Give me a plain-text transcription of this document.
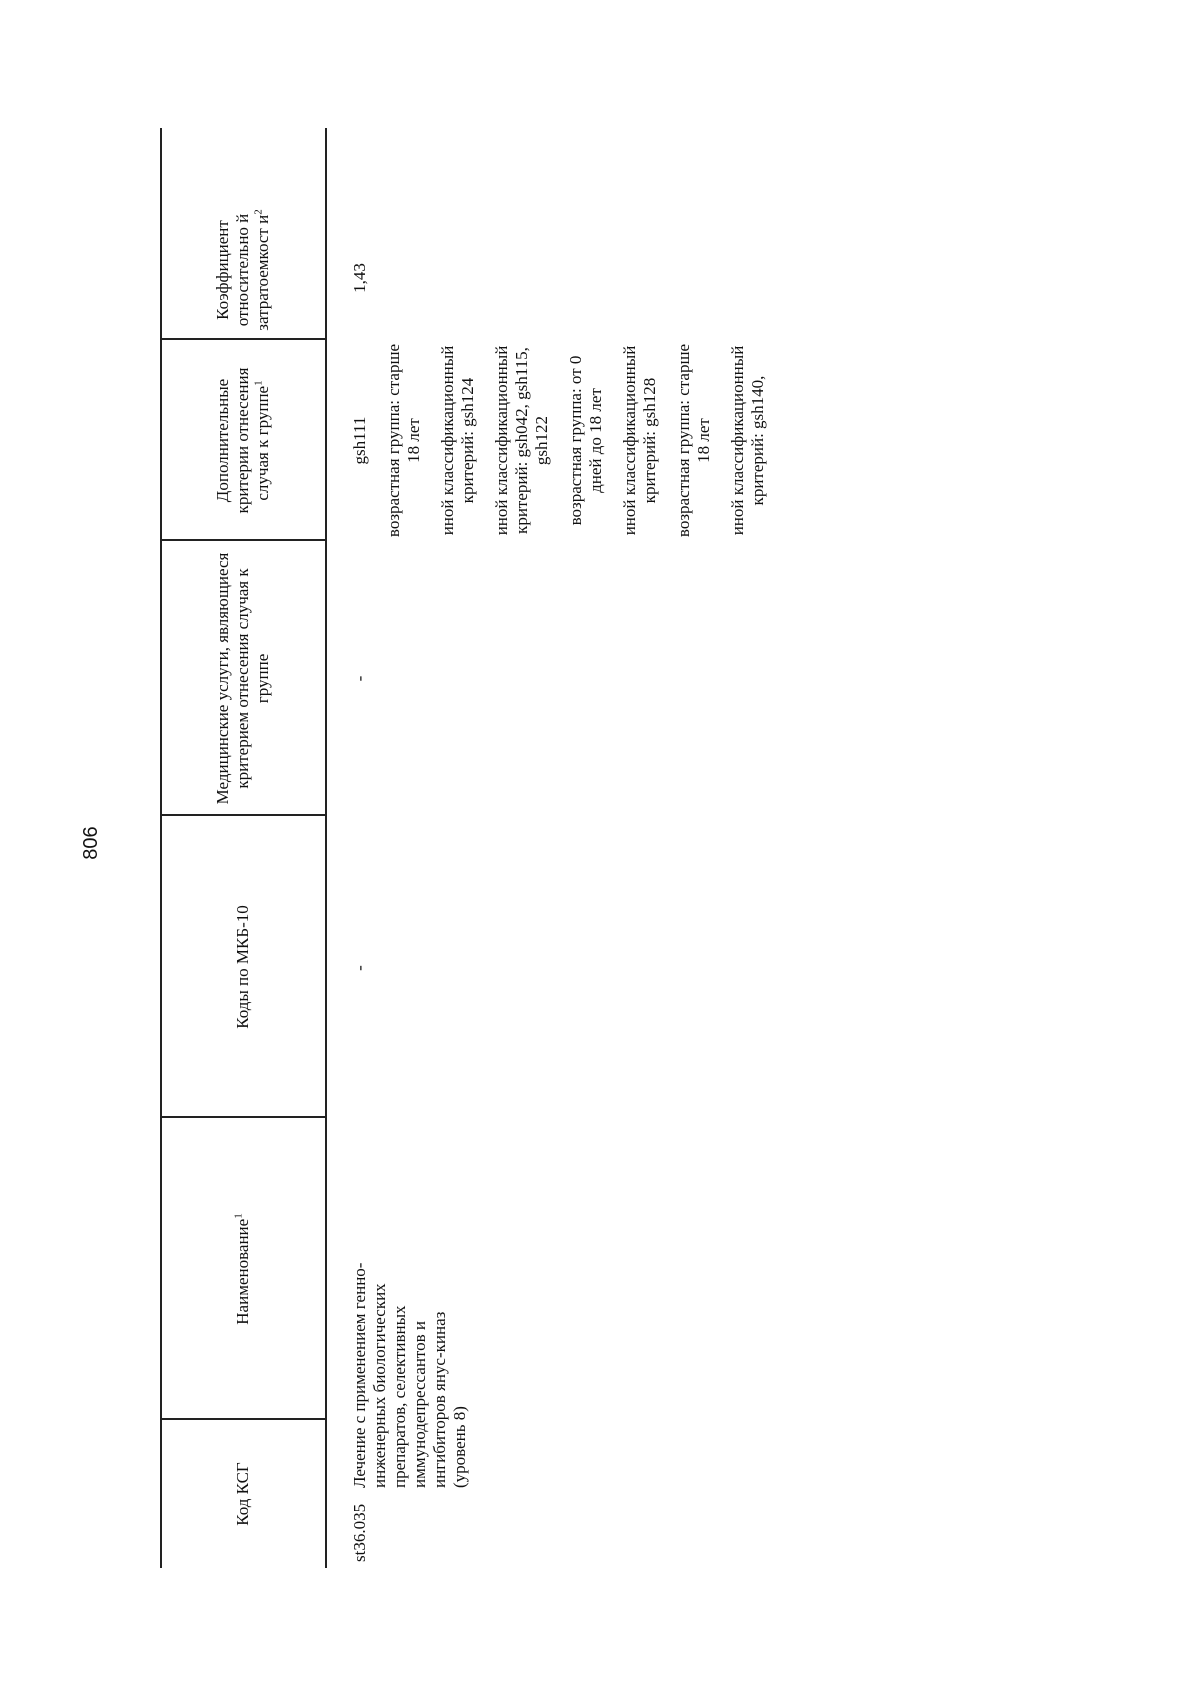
806
Код КСГ
Наименование$^1$
Коды по МКБ-10
Медицинские услуги, являющиеся критерием отнесения случая к группе
Дополнительные критерии отнесения случая к группе$^1$
Коэффициент относительно й затратоемкост $и^2$
st36.035
Лечение с применением генно-инженерных биологических препаратов, селективных иммунодепрессантов и ингибиторов янус-киназ (уровень 8)
-
-
gsh111 возрастная группа: старше 18 лет иной классификационный критерий: gsh124 иной классификационный критерий: gsh042, gsh115, gsh122 возрастная группа: от 0 дней до 18 лет иной классификационный критерий: gsh128 возрастная группа: старше 18 лет иной классификационный критерий: gsh140,
1,43
